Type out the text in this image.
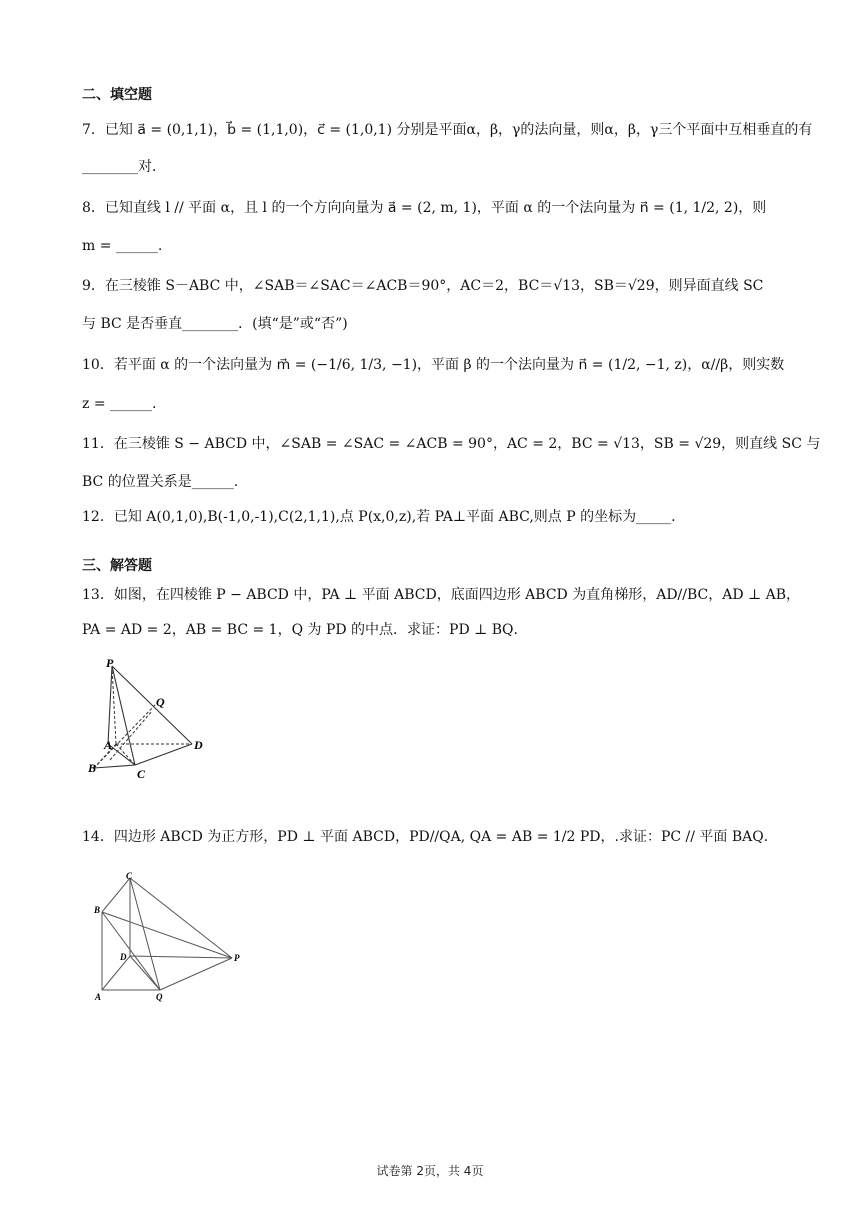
二、填空题
7．已知 a⃗ = (0,1,1)，b⃗ = (1,1,0)，c⃗ = (1,0,1) 分别是平面α，β，γ的法向量，则α，β，γ三个平面中互相垂直的有
________对．
8．已知直线 l // 平面 α，且 l 的一个方向向量为 a⃗ = (2, m, 1)，平面 α 的一个法向量为 n⃗ = (1, 1/2, 2)，则
m = ______.
9．在三棱锥 S－ABC 中，∠SAB＝∠SAC＝∠ACB＝90°，AC＝2，BC＝√13，SB＝√29，则异面直线 SC
与 BC 是否垂直________．(填“是”或“否”)
10．若平面 α 的一个法向量为 m⃗ = (−1/6, 1/3, −1)，平面 β 的一个法向量为 n⃗ = (1/2, −1, z)，α//β，则实数
z = ______.
11．在三棱锥 S − ABCD 中，∠SAB = ∠SAC = ∠ACB = 90°，AC = 2，BC = √13，SB = √29，则直线 SC 与
BC 的位置关系是______.
12．已知 A(0,1,0),B(-1,0,-1),C(2,1,1),点 P(x,0,z),若 PA⊥平面 ABC,则点 P 的坐标为_____.
三、解答题
13．如图，在四棱锥 P − ABCD 中，PA ⊥ 平面 ABCD，底面四边形 ABCD 为直角梯形，AD//BC，AD ⊥ AB，
PA = AD = 2，AB = BC = 1，Q 为 PD 的中点．求证：PD ⊥ BQ．
P
Q
A
B	C
D
14．四边形 ABCD 为正方形，PD ⊥ 平面 ABCD，PD//QA, QA = AB = 1/2 PD，.求证：PC // 平面 BAQ．
C
B
D	P
A	Q
试卷第 2页，共 4页
